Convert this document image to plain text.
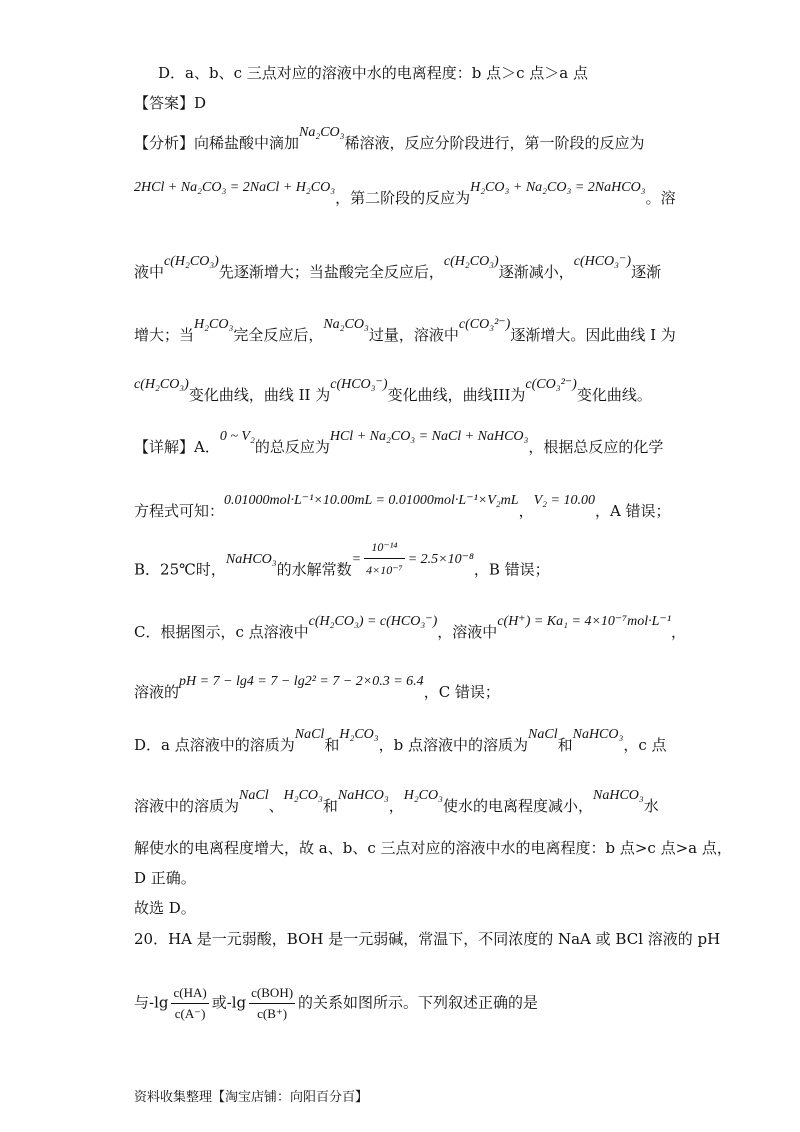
D．a、b、c 三点对应的溶液中水的电离程度：b 点＞c 点＞a 点
【答案】D
【分析】向稀盐酸中滴加Na₂CO₃稀溶液，反应分阶段进行，第一阶段的反应为
2HCl + Na₂CO₃ = 2NaCl + H₂CO₃，第二阶段的反应为H₂CO₃ + Na₂CO₃ = 2NaHCO₃。溶
液中c(H₂CO₃)先逐渐增大；当盐酸完全反应后，c(H₂CO₃)逐渐减小，c(HCO₃⁻)逐渐
增大；当H₂CO₃完全反应后，Na₂CO₃过量，溶液中c(CO₃²⁻)逐渐增大。因此曲线 I 为
c(H₂CO₃)变化曲线，曲线 II 为c(HCO₃⁻)变化曲线，曲线III为c(CO₃²⁻)变化曲线。
【详解】A．0 ~ V₂的总反应为HCl + Na₂CO₃ = NaCl + NaHCO₃，根据总反应的化学
方程式可知：0.01000mol·L⁻¹×10.00mL = 0.01000mol·L⁻¹×V₂mL，V₂ = 10.00，A 错误；
B．25℃时，NaHCO₃的水解常数= $\frac{\text{10⁻¹⁴}}{\text{4×10⁻⁷}} = 2.5\times 10^{-8}$，B 错误；
C．根据图示，c 点溶液中c(H₂CO₃) = c(HCO₃⁻)，溶液中c(H⁺) = Ka₁ = 4×10⁻⁷mol·L⁻¹，
溶液的pH = 7 − lg4 = 7 − lg2² = 7 − 2×0.3 = 6.4，C 错误；
D．a 点溶液中的溶质为NaCl和H₂CO₃，b 点溶液中的溶质为NaCl和NaHCO₃，c 点
溶液中的溶质为NaCl、H₂CO₃和NaHCO₃，H₂CO₃使水的电离程度减小，NaHCO₃水
解使水的电离程度增大，故 a、b、c 三点对应的溶液中水的电离程度：b 点>c 点>a 点，
D 正确。
故选 D。
20．HA 是一元弱酸，BOH 是一元弱碱，常温下，不同浓度的 NaA 或 BCl 溶液的 pH
与$-\lg \frac{c(HA)}{c(A^-)}$ 或$-\lg \frac{\text{c(BOH)}}{c(B^+)}$ 的关系如图所示。下列叙述正确的是
资料收集整理【淘宝店铺：向阳百分百】
